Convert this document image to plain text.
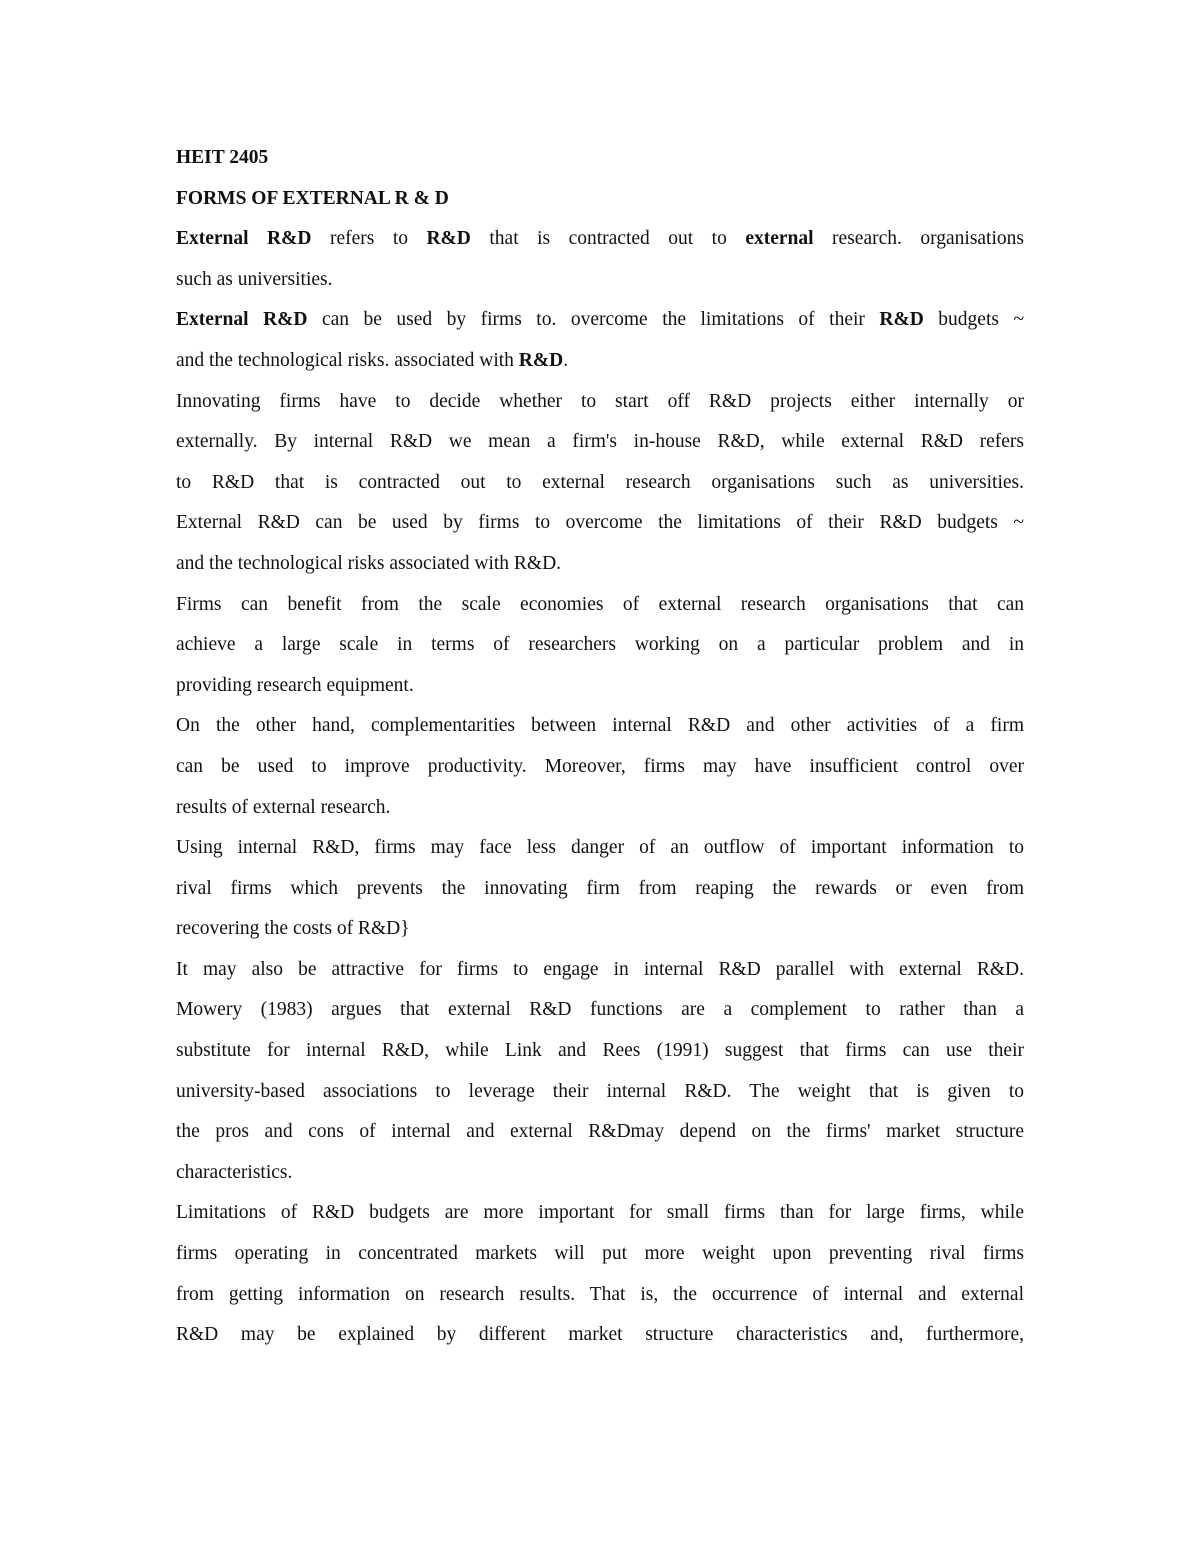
HEIT 2405
FORMS OF EXTERNAL R & D
External R&D refers to R&D that is contracted out to external research. organisations
such as universities.
External R&D can be used by firms to. overcome the limitations of their R&D budgets ~
and the technological risks. associated with R&D.
Innovating firms have to decide whether to start off R&D projects either internally or
externally. By internal R&D we mean a firm's in-house R&D, while external R&D refers
to R&D that is contracted out to external research organisations such as universities.
External R&D can be used by firms to overcome the limitations of their R&D budgets ~
and the technological risks associated with R&D.
Firms can benefit from the scale economies of external research organisations that can
achieve a large scale in terms of researchers working on a particular problem and in
providing research equipment.
On the other hand, complementarities between internal R&D and other activities of a firm
can be used to improve productivity. Moreover, firms may have insufficient control over
results of external research.
Using internal R&D, firms may face less danger of an outflow of important information to
rival firms which prevents the innovating firm from reaping the rewards or even from
recovering the costs of R&D}
It may also be attractive for firms to engage in internal R&D parallel with external R&D.
Mowery (1983) argues that external R&D functions are a complement to rather than a
substitute for internal R&D, while Link and Rees (1991) suggest that firms can use their
university-based associations to leverage their internal R&D. The weight that is given to
the pros and cons of internal and external R&Dmay depend on the firms' market structure
characteristics.
Limitations of R&D budgets are more important for small firms than for large firms, while
firms operating in concentrated markets will put more weight upon preventing rival firms
from getting information on research results. That is, the occurrence of internal and external
R&D may be explained by different market structure characteristics and, furthermore,
